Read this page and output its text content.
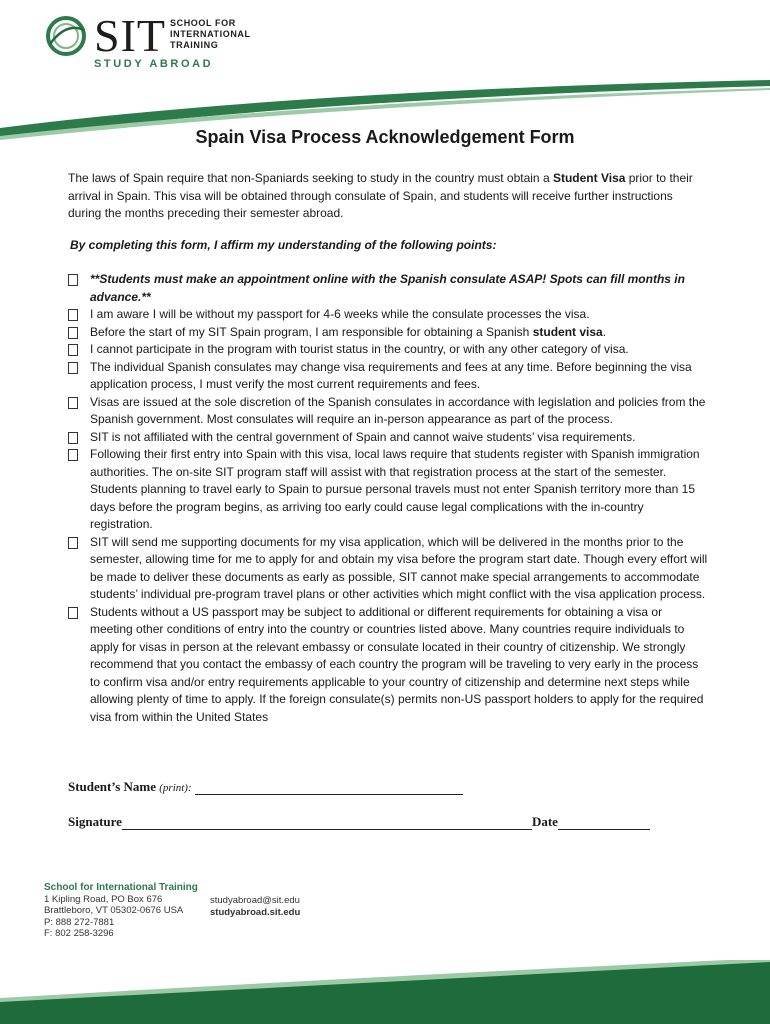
SIT SCHOOL FOR
INTERNATIONAL
TRAINING
STUDY ABROAD
Spain Visa Process Acknowledgement Form
The laws of Spain require that non-Spaniards seeking to study in the country must obtain a Student Visa prior to their arrival in Spain. This visa will be obtained through consulate of Spain, and students will receive further instructions during the months preceding their semester abroad.
By completing this form, I affirm my understanding of the following points:
**Students must make an appointment online with the Spanish consulate ASAP! Spots can fill months in advance.**
I am aware I will be without my passport for 4-6 weeks while the consulate processes the visa.
Before the start of my SIT Spain program, I am responsible for obtaining a Spanish student visa.
I cannot participate in the program with tourist status in the country, or with any other category of visa.
The individual Spanish consulates may change visa requirements and fees at any time. Before beginning the visa application process, I must verify the most current requirements and fees.
Visas are issued at the sole discretion of the Spanish consulates in accordance with legislation and policies from the Spanish government. Most consulates will require an in-person appearance as part of the process.
SIT is not affiliated with the central government of Spain and cannot waive students’ visa requirements.
Following their first entry into Spain with this visa, local laws require that students register with Spanish immigration authorities. The on-site SIT program staff will assist with that registration process at the start of the semester. Students planning to travel early to Spain to pursue personal travels must not enter Spanish territory more than 15 days before the program begins, as arriving too early could cause legal complications with the in-country registration.
SIT will send me supporting documents for my visa application, which will be delivered in the months prior to the semester, allowing time for me to apply for and obtain my visa before the program start date. Though every effort will be made to deliver these documents as early as possible, SIT cannot make special arrangements to accommodate students’ individual pre-program travel plans or other activities which might conflict with the visa application process.
Students without a US passport may be subject to additional or different requirements for obtaining a visa or meeting other conditions of entry into the country or countries listed above. Many countries require individuals to apply for visas in person at the relevant embassy or consulate located in their country of citizenship. We strongly recommend that you contact the embassy of each country the program will be traveling to very early in the process to confirm visa and/or entry requirements applicable to your country of citizenship and determine next steps while allowing plenty of time to apply. If the foreign consulate(s) permits non-US passport holders to apply for the required visa from within the United States
Student’s Name (print):
Signature	Date
School for International Training
1 Kipling Road, PO Box 676
Brattleboro, VT 05302-0676 USA
P: 888 272-7881
F: 802 258-3296
studyabroad@sit.edu
studyabroad.sit.edu
